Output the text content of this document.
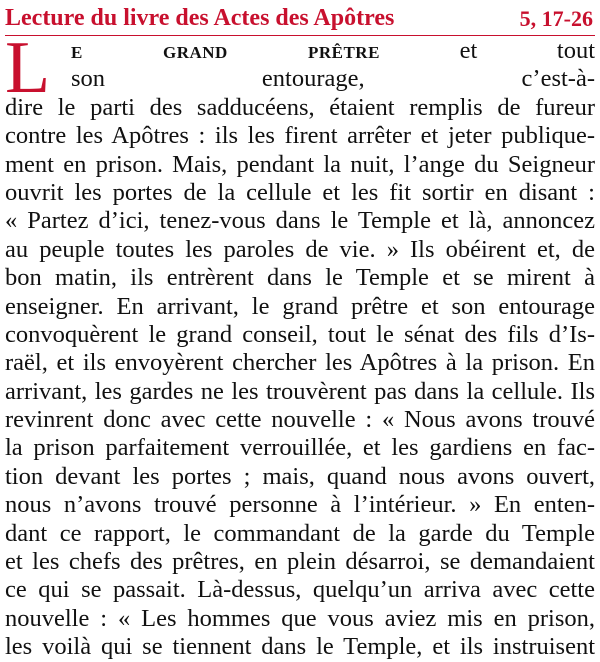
Lecture du livre des Actes des Apôtres	5, 17-26
L e grand prêtre et tout
son entourage, c’est-à-
dire le parti des sadducéens, étaient remplis de fureur
contre les Apôtres : ils les firent arrêter et jeter publique-
ment en prison. Mais, pendant la nuit, l’ange du Seigneur
ouvrit les portes de la cellule et les fit sortir en disant :
« Partez d’ici, tenez-vous dans le Temple et là, annoncez
au peuple toutes les paroles de vie. » Ils obéirent et, de
bon matin, ils entrèrent dans le Temple et se mirent à
enseigner. En arrivant, le grand prêtre et son entourage
convoquèrent le grand conseil, tout le sénat des fils d’Is-
raël, et ils envoyèrent chercher les Apôtres à la prison. En
arrivant, les gardes ne les trouvèrent pas dans la cellule. Ils
revinrent donc avec cette nouvelle : « Nous avons trouvé
la prison parfaitement verrouillée, et les gardiens en fac-
tion devant les portes ; mais, quand nous avons ouvert,
nous n’avons trouvé personne à l’intérieur. » En enten-
dant ce rapport, le commandant de la garde du Temple
et les chefs des prêtres, en plein désarroi, se demandaient
ce qui se passait. Là-dessus, quelqu’un arriva avec cette
nouvelle : « Les hommes que vous aviez mis en prison,
les voilà qui se tiennent dans le Temple, et ils instruisent
